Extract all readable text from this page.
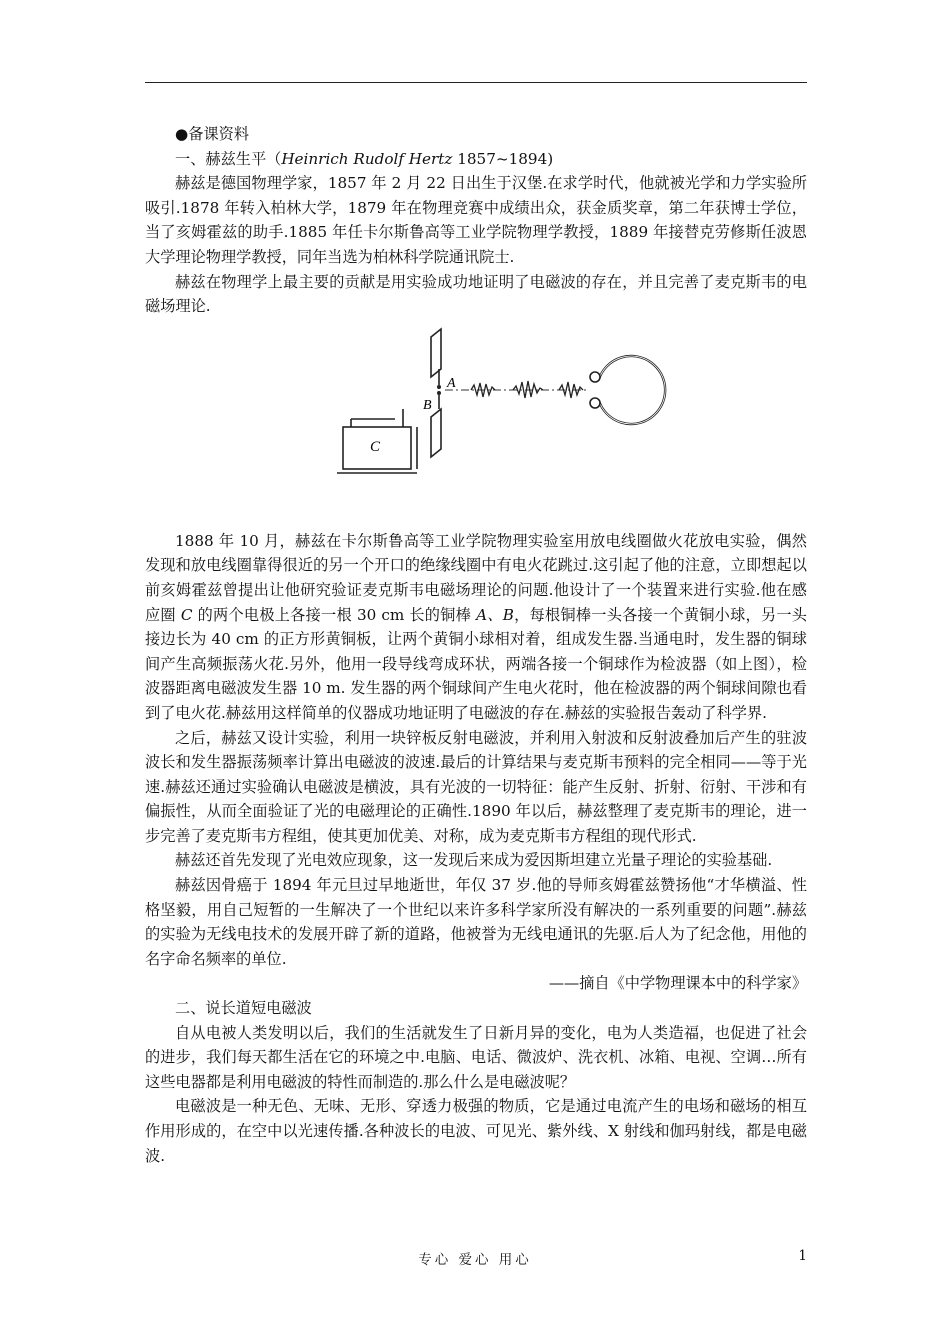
●备课资料

一、赫兹生平（Heinrich Rudolf Hertz 1857~1894)

赫兹是德国物理学家，1857 年 2 月 22 日出生于汉堡.在求学时代，他就被光学和力学实验所吸引.1878 年转入柏林大学，1879 年在物理竞赛中成绩出众，获金质奖章，第二年获博士学位，当了亥姆霍兹的助手.1885 年任卡尔斯鲁高等工业学院物理学教授，1889 年接替克劳修斯任波恩大学理论物理学教授，同年当选为柏林科学院通讯院士.

赫兹在物理学上最主要的贡献是用实验成功地证明了电磁波的存在，并且完善了麦克斯韦的电磁场理论.

C
A
B

1888 年 10 月，赫兹在卡尔斯鲁高等工业学院物理实验室用放电线圈做火花放电实验，偶然发现和放电线圈靠得很近的另一个开口的绝缘线圈中有电火花跳过.这引起了他的注意，立即想起以前亥姆霍兹曾提出让他研究验证麦克斯韦电磁场理论的问题.他设计了一个装置来进行实验.他在感应圈 C 的两个电极上各接一根 30 cm 长的铜棒 A、B，每根铜棒一头各接一个黄铜小球，另一头接边长为 40 cm 的正方形黄铜板，让两个黄铜小球相对着，组成发生器.当通电时，发生器的铜球间产生高频振荡火花.另外，他用一段导线弯成环状，两端各接一个铜球作为检波器（如上图），检波器距离电磁波发生器 10 m. 发生器的两个铜球间产生电火花时，他在检波器的两个铜球间隙也看到了电火花.赫兹用这样简单的仪器成功地证明了电磁波的存在.赫兹的实验报告轰动了科学界.

之后，赫兹又设计实验，利用一块锌板反射电磁波，并利用入射波和反射波叠加后产生的驻波波长和发生器振荡频率计算出电磁波的波速.最后的计算结果与麦克斯韦预料的完全相同——等于光速.赫兹还通过实验确认电磁波是横波，具有光波的一切特征：能产生反射、折射、衍射、干涉和有偏振性，从而全面验证了光的电磁理论的正确性.1890 年以后，赫兹整理了麦克斯韦的理论，进一步完善了麦克斯韦方程组，使其更加优美、对称，成为麦克斯韦方程组的现代形式.

赫兹还首先发现了光电效应现象，这一发现后来成为爱因斯坦建立光量子理论的实验基础.

赫兹因骨癌于 1894 年元旦过早地逝世，年仅 37 岁.他的导师亥姆霍兹赞扬他“才华横溢、性格坚毅，用自己短暂的一生解决了一个世纪以来许多科学家所没有解决的一系列重要的问题”.赫兹的实验为无线电技术的发展开辟了新的道路，他被誉为无线电通讯的先驱.后人为了纪念他，用他的名字命名频率的单位.

——摘自《中学物理课本中的科学家》

二、说长道短电磁波

自从电被人类发明以后，我们的生活就发生了日新月异的变化，电为人类造福，也促进了社会的进步，我们每天都生活在它的环境之中.电脑、电话、微波炉、洗衣机、冰箱、电视、空调…所有这些电器都是利用电磁波的特性而制造的.那么什么是电磁波呢？

电磁波是一种无色、无味、无形、穿透力极强的物质，它是通过电流产生的电场和磁场的相互作用形成的，在空中以光速传播.各种波长的电波、可见光、紫外线、X 射线和伽玛射线，都是电磁波.

专心 爱心 用心	1
